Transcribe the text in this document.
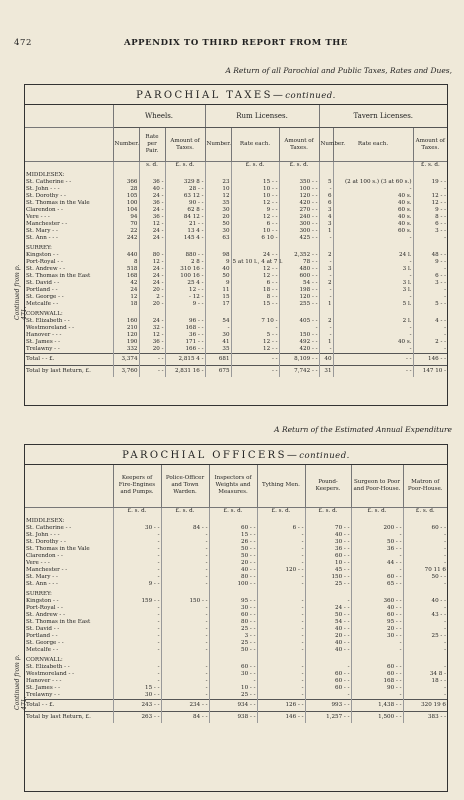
472	APPENDIX TO THIRD REPORT FROM THE
A Return of all Parochial and Public Taxes, Rates and Dues,
Continued from p. 471.
PAROCHIAL TAXES—continued.
	Wheels.			Rum Licenses.			Tavern Licenses.		
	Number.	Rate per Pair.	Amount of Taxes.	Number.	Rate each.	Amount of Taxes.	Number.	Rate each.	Amount of Taxes.
		s. d.	£. s. d.		£. s. d.	£. s. d.			£. s. d.
MIDDLESEX:									
St. Catherine - -	366	36 -	329 8 -	23	15 - -	350 - -	5	(2 at 100 s.) (3 at 60 s.)	19 - -
St. John - - -	28	40 -	28 - -	10	10 - -	100 - -	-	-	-
St. Dorothy - -	105	24 -	63 12 -	12	10 - -	120 - -	6	40 s.	12 - -
St. Thomas in the Vale	100	36 -	90 - -	35	12 - -	420 - -	6	40 s.	12 - -
Clarendon - -	104	24 -	62 8 -	30	9 - -	270 - -	3	60 s.	9 - -
Vere - - -	94	36 -	84 12 -	20	12 - -	240 - -	4	40 s.	8 - -
Manchester - -	70	12 -	21 - -	50	6 - -	300 - -	3	40 s.	6 - -
St. Mary - -	22	24 -	13 4 -	30	10 - -	300 - -	1	60 s.	3 - -
St. Ann - - -	242	24 -	145 4 -	63	6 10 -	425 - -	-	-	-
SURREY:									
Kingston - -	440	80 -	880 - -	98	24 - -	2,352 - -	2	24 l.	48 - -
Port-Royal - -	8	12 -	2 8 -	9	5 at 10 l., 4 at 7 l.	78 - -	-	-	9 - -
St. Andrew - -	518	24 -	310 16 -	40	12 - -	480 - -	3	3 l.	-
St. Thomas in the East	168	24 -	100 16 -	50	12 - -	600 - -	-	-	6 - -
St. David - -	42	24 -	25 4 -	9	6 - -	54 - -	2	3 l.	3 - -
Portland - -	24	20 -	12 - -	11	18 - -	198 - -	-	3 l.	-
St. George - -	12	2 -	- 12 -	15	8 - -	120 - -	-	-	-
Metcalfe - -	18	20 -	9 - -	17	15 - -	255 - -	1	5 l.	5 - -
CORNWALL:									
St. Elizabeth - -	160	24 -	96 - -	54	7 10 -	405 - -	2	2 l.	4 - -
Westmoreland - -	210	32 -	168 - -	-	-	-	-	-	-
Hanover - - -	120	12 -	36 - -	30	5 - -	150 - -	-	-	-
St. James - -	190	36 -	171 - -	41	12 - -	492 - -	1	40 s.	2 - -
Trelawny - -	332	20 -	166 - -	35	12 - -	420 - -	-	-	-
Total - - £.	3,374	- -	2,815 4 -	681	- -	8,109 - -	40	- -	146 - -
Total by last Return, £.	3,760	- -	2,831 16 -	675	- -	7,742 - -	31	- -	147 10 -
A Return of the Estimated Annual Expenditure
Continued from p. 471.
PAROCHIAL OFFICERS—continued.
	Keepers of Fire-Engines and Pumps.	Police-Officer and Town Warden.	Inspectors of Weights and Measures.	Tything Men.	Pound-Keepers.	Surgeon to Poor and Poor-House.	Matron of Poor-House.
	£. s. d.	£. s. d.	£. s. d.	£. s. d.	£. s. d.	£. s. d.	£. s. d.
MIDDLESEX:							
St. Catherine - -	30 - -	84 - -	60 - -	6 - -	70 - -	200 - -	60 - -
St. John - - -	-	-	15 - -	-	40 - -	-	-
St. Dorothy - -	-	-	26 - -	-	30 - -	50 - -	-
St. Thomas in the Vale	-	-	50 - -	-	36 - -	36 - -	-
Clarendon - -	-	-	50 - -	-	60 - -	-	-
Vere - - -	-	-	20 - -	-	10 - -	44 - -	-
Manchester - -	-	-	40 - -	120 - -	45 - -	-	70 11 6
St. Mary - -	-	-	80 - -	-	150 - -	60 - -	50 - -
St. Ann - - -	9 - -	-	100 - -	-	25 - -	65 - -	-
SURREY:							
Kingston - -	159 - -	150 - -	95 - -	-	-	360 - -	40 - -
Port-Royal - -	-	-	30 - -	-	24 - -	40 - -	-
St. Andrew - -	-	-	60 - -	-	50 - -	60 - -	43 - -
St. Thomas in the East	-	-	80 - -	-	54 - -	95 - -	-
St. David - -	-	-	25 - -	-	40 - -	20 - -	-
Portland - -	-	-	3 - -	-	20 - -	30 - -	25 - -
St. George - -	-	-	25 - -	-	40 - -	-	-
Metcalfe - -	-	-	50 - -	-	40 - -	-	-
CORNWALL:							
St. Elizabeth - -	-	-	60 - -	-	-	60 - -	-
Westmoreland - -	-	-	30 - -	-	60 - -	60 - -	34 8 -
Hanover - - -	-	-	-	-	60 - -	168 - -	18 - -
St. James - -	15 - -	-	10 - -	-	60 - -	90 - -	-
Trelawny - -	30 - -	-	25 - -	-	-	-	-
Total - - £.	243 - -	234 - -	934 - -	126 - -	993 - -	1,438 - -	320 19 6
Total by last Return, £.	263 - -	84 - -	938 - -	146 - -	1,257 - -	1,500 - -	383 - -
